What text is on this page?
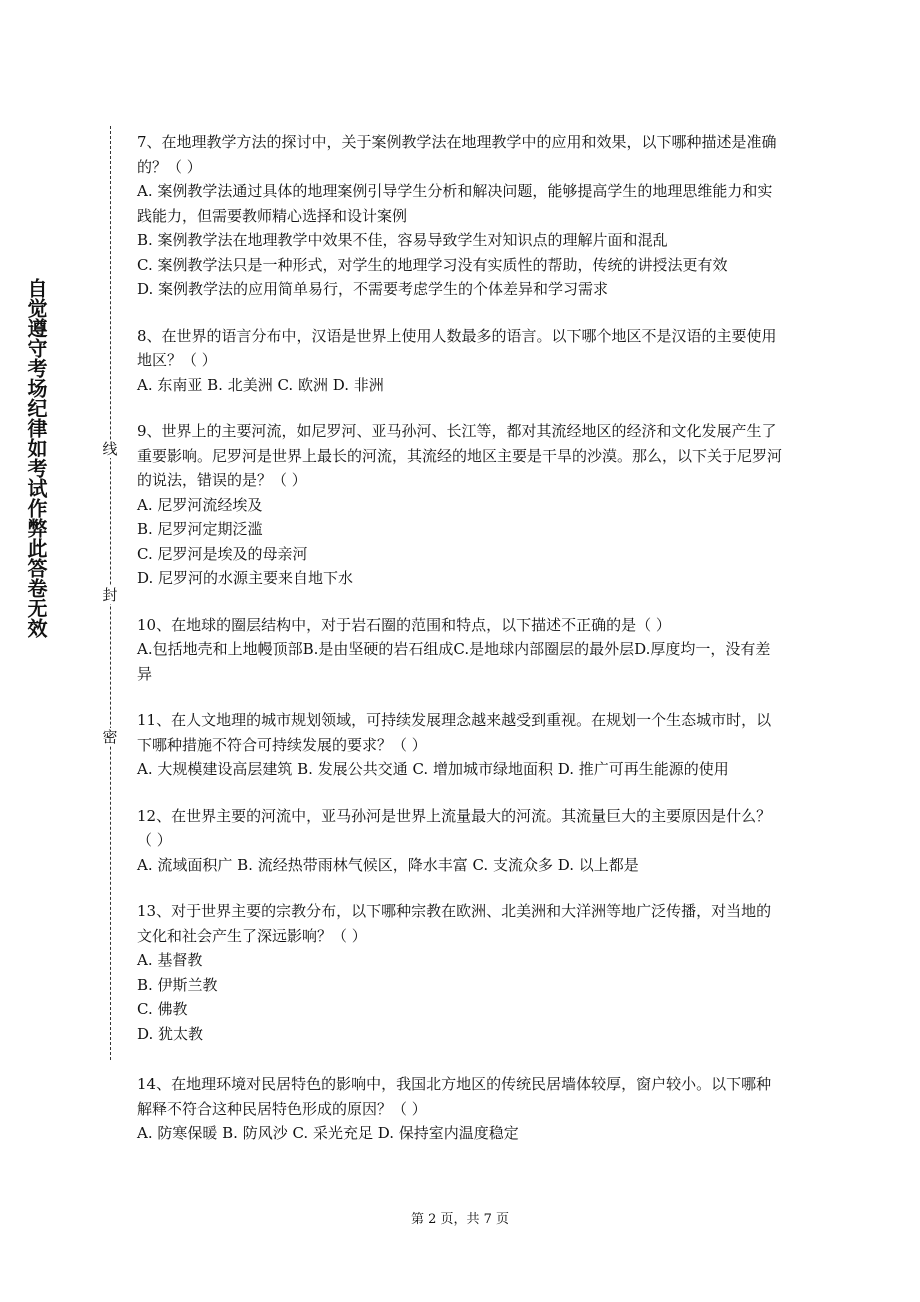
自觉遵守考场纪律如考试作弊此答卷无效	线
封
密

7、在地理教学方法的探讨中，关于案例教学法在地理教学中的应用和效果，以下哪种描述是准确的？（ ）

A. 案例教学法通过具体的地理案例引导学生分析和解决问题，能够提高学生的地理思维能力和实践能力，但需要教师精心选择和设计案例

B. 案例教学法在地理教学中效果不佳，容易导致学生对知识点的理解片面和混乱

C. 案例教学法只是一种形式，对学生的地理学习没有实质性的帮助，传统的讲授法更有效

D. 案例教学法的应用简单易行，不需要考虑学生的个体差异和学习需求

8、在世界的语言分布中，汉语是世界上使用人数最多的语言。以下哪个地区不是汉语的主要使用地区？（ ）

A. 东南亚 B. 北美洲 C. 欧洲 D. 非洲

9、世界上的主要河流，如尼罗河、亚马孙河、长江等，都对其流经地区的经济和文化发展产生了重要影响。尼罗河是世界上最长的河流，其流经的地区主要是干旱的沙漠。那么，以下关于尼罗河的说法，错误的是？（ ）

A. 尼罗河流经埃及

B. 尼罗河定期泛滥

C. 尼罗河是埃及的母亲河

D. 尼罗河的水源主要来自地下水

10、在地球的圈层结构中，对于岩石圈的范围和特点，以下描述不正确的是（ ）

A.包括地壳和上地幔顶部B.是由坚硬的岩石组成C.是地球内部圈层的最外层D.厚度均一，没有差异

11、在人文地理的城市规划领域，可持续发展理念越来越受到重视。在规划一个生态城市时，以下哪种措施不符合可持续发展的要求？（ ）

A. 大规模建设高层建筑 B. 发展公共交通 C. 增加城市绿地面积 D. 推广可再生能源的使用

12、在世界主要的河流中，亚马孙河是世界上流量最大的河流。其流量巨大的主要原因是什么？（ ）

A. 流域面积广 B. 流经热带雨林气候区，降水丰富 C. 支流众多 D. 以上都是

13、对于世界主要的宗教分布，以下哪种宗教在欧洲、北美洲和大洋洲等地广泛传播，对当地的文化和社会产生了深远影响？（ ）

A. 基督教

B. 伊斯兰教

C. 佛教

D. 犹太教

14、在地理环境对民居特色的影响中，我国北方地区的传统民居墙体较厚，窗户较小。以下哪种解释不符合这种民居特色形成的原因？（ ）

A. 防寒保暖 B. 防风沙 C. 采光充足 D. 保持室内温度稳定

第 2 页，共 7 页
